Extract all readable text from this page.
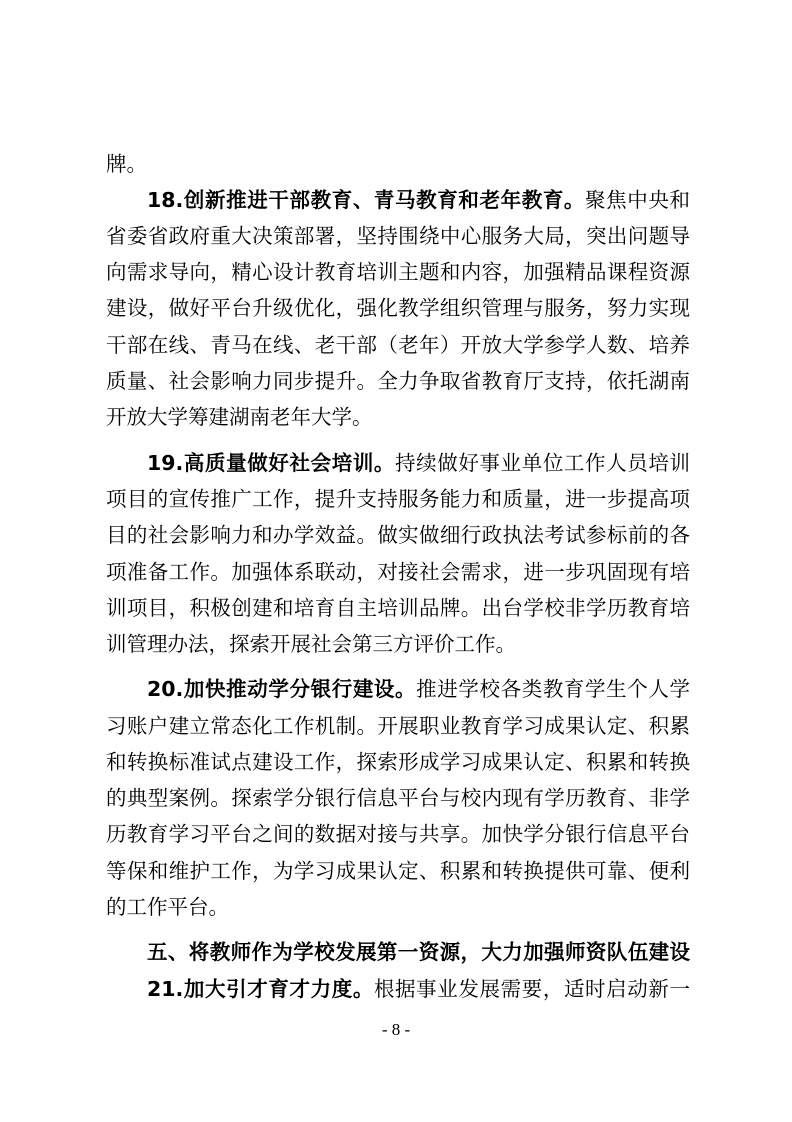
牌。
18.创新推进干部教育、青马教育和老年教育。聚焦中央和
省委省政府重大决策部署，坚持围绕中心服务大局，突出问题导
向需求导向，精心设计教育培训主题和内容，加强精品课程资源
建设，做好平台升级优化，强化教学组织管理与服务，努力实现
干部在线、青马在线、老干部（老年）开放大学参学人数、培养
质量、社会影响力同步提升。全力争取省教育厅支持，依托湖南
开放大学筹建湖南老年大学。
19.高质量做好社会培训。持续做好事业单位工作人员培训
项目的宣传推广工作，提升支持服务能力和质量，进一步提高项
目的社会影响力和办学效益。做实做细行政执法考试参标前的各
项准备工作。加强体系联动，对接社会需求，进一步巩固现有培
训项目，积极创建和培育自主培训品牌。出台学校非学历教育培
训管理办法，探索开展社会第三方评价工作。
20.加快推动学分银行建设。推进学校各类教育学生个人学
习账户建立常态化工作机制。开展职业教育学习成果认定、积累
和转换标准试点建设工作，探索形成学习成果认定、积累和转换
的典型案例。探索学分银行信息平台与校内现有学历教育、非学
历教育学习平台之间的数据对接与共享。加快学分银行信息平台
等保和维护工作，为学习成果认定、积累和转换提供可靠、便利
的工作平台。
五、将教师作为学校发展第一资源，大力加强师资队伍建设
21.加大引才育才力度。根据事业发展需要，适时启动新一
- 8 -
